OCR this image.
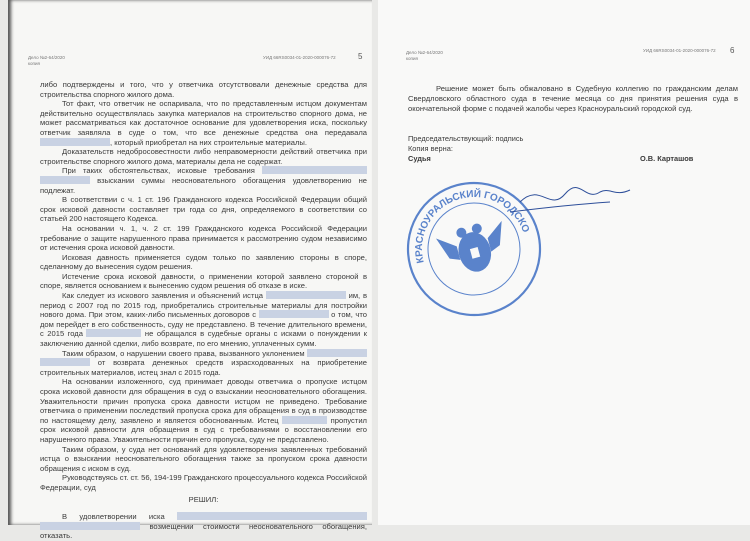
Дело №2-64/2020
копия
УИД 66RS0034-01-2020-000076-72	5

либо подтверждены и того, что у ответчика отсутствовали денежные средства для строительства спорного жилого дома.

Тот факт, что ответчик не оспаривала, что по представленным истцом документам действительно осуществлялась закупка материалов на строительство спорного дома, не может рассматриваться как достаточное основание для удовлетворения иска, поскольку ответчик заявляла в суде о том, что все денежные средства она передавала , который приобретал на них строительные материалы.

Доказательств недобросовестности либо неправомерности действий ответчика при строительстве спорного жилого дома, материалы дела не содержат.

При таких обстоятельствах, исковые требования   взыскании суммы неосновательного обогащения удовлетворению не подлежат.

В соответствии с ч. 1 ст. 196 Гражданского кодекса Российской Федерации общий срок исковой давности составляет три года со дня, определяемого в соответствии со статьей 200 настоящего Кодекса.

На основании ч. 1, ч. 2 ст. 199 Гражданского кодекса Российской Федерации требование о защите нарушенного права принимается к рассмотрению судом независимо от истечения срока исковой давности.

Исковая давность применяется судом только по заявлению стороны в споре, сделанному до вынесения судом решения.

Истечение срока исковой давности, о применении которой заявлено стороной в споре, является основанием к вынесению судом решения об отказе в иске.

Как следует из искового заявления и объяснений истца	им, в период с 2007 год по 2015 год, приобретались строительные материалы для постройки нового дома. При этом, каких-либо письменных договоров с	о том, что дом перейдет в его собственность, суду не представлено. В течение длительного времени, с 2015 года	не обращался в судебные органы с исками о понуждении к заключению данной сделки, либо возврате, по его мнению, уплаченных сумм.

Таким образом, о нарушении своего права, вызванного уклонением   от возврата денежных средств израсходованных на приобретение строительных материалов, истец знал с 2015 года.

На основании изложенного, суд принимает доводы ответчика о пропуске истцом срока исковой давности для обращения в суд о взыскании неосновательного обогащения. Уважительности причин пропуска срока давности истцом не приведено. Требование ответчика о применении последствий пропуска срока для обращения в суд в производстве по настоящему делу, заявлено и является обоснованным. Истец	пропустил срок исковой давности для обращения в суд с требованиями о восстановлении его нарушенного права. Уважительности причин его пропуска, суду не представлено.

Таким образом, у суда нет оснований для удовлетворения заявленных требований истца о взыскании неосновательного обогащения также за пропуском срока давности обращения с иском в суд.

Руководствуясь ст. ст. 56, 194-199 Гражданского процессуального кодекса Российской Федерации, суд

РЕШИЛ:

В удовлетворении иска   возмещении стоимости неосновательного обогащения, отказать.

Дело №2-64/2020
копия
УИД 66RS0034-01-2020-000076-72 6

Решение может быть обжаловано в Судебную коллегию по гражданским делам Свердловского областного суда в течение месяца со дня принятия решения суда в окончательной форме с подачей жалобы через Красноуральский городской суд.

Председательствующий: подпись
Копия верна:
Судья	О.В. Карташов
КРАСНОУРАЛЬСКИЙ ГОРОДСКОЙ
